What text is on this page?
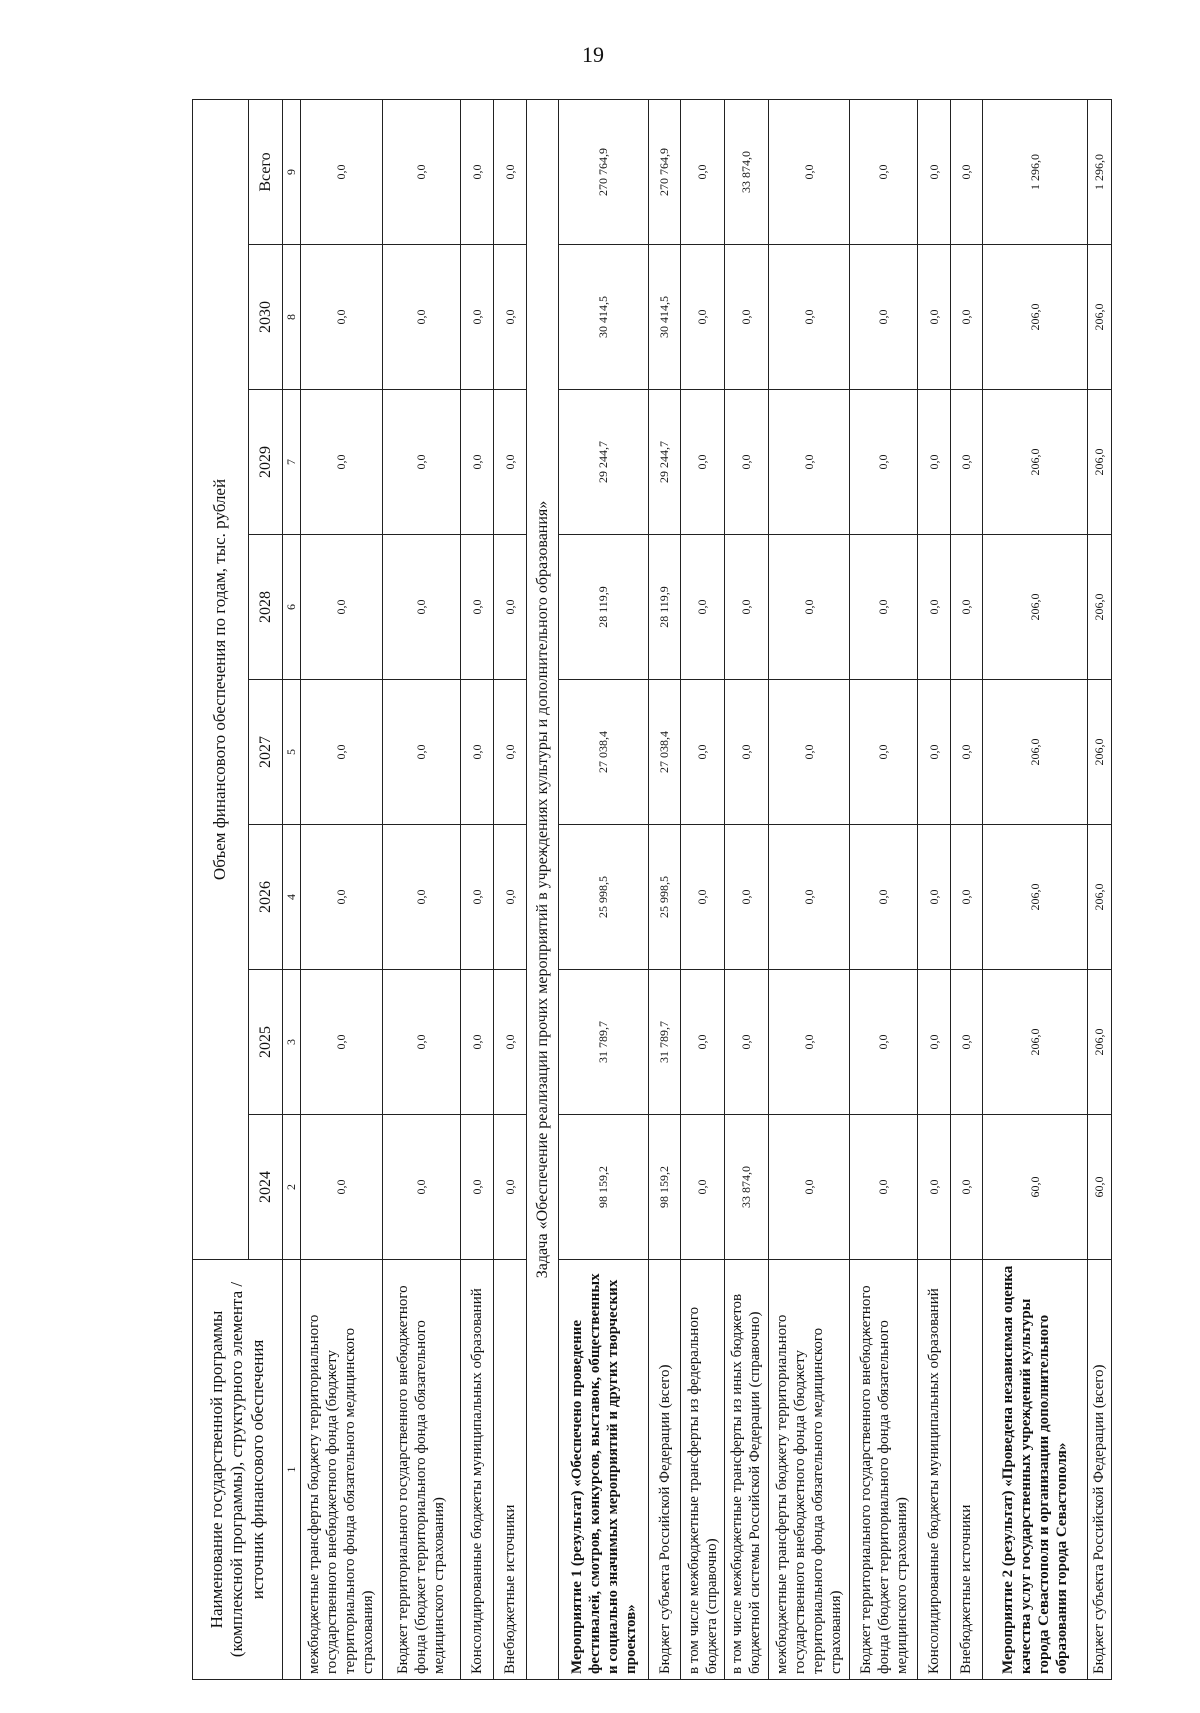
19
Наименование государственной программы (комплексной программы), структурного элемента / источник финансового обеспечения	Объем финансового обеспечения по годам, тыс. рублей							
	2024	2025	2026	2027	2028	2029	2030	Всего
1	2	3	4	5	6	7	8	9
межбюджетные трансферты бюджету территориального государственного внебюджетного фонда (бюджету территориального фонда обязательного медицинского страхования)	0,0	0,0	0,0	0,0	0,0	0,0	0,0	0,0
Бюджет территориального государственного внебюджетного фонда (бюджет территориального фонда обязательного медицинского страхования)	0,0	0,0	0,0	0,0	0,0	0,0	0,0	0,0
Консолидированные бюджеты муниципальных образований	0,0	0,0	0,0	0,0	0,0	0,0	0,0	0,0
Внебюджетные источники	0,0	0,0	0,0	0,0	0,0	0,0	0,0	0,0
Задача «Обеспечение реализации прочих мероприятий в учреждениях культуры и дополнительного образования»								
Мероприятие 1 (результат) «Обеспечено проведение фестивалей, смотров, конкурсов, выставок, общественных и социально значимых мероприятий и других творческих проектов»	98 159,2	31 789,7	25 998,5	27 038,4	28 119,9	29 244,7	30 414,5	270 764,9
Бюджет субъекта Российской Федерации (всего)	98 159,2	31 789,7	25 998,5	27 038,4	28 119,9	29 244,7	30 414,5	270 764,9
в том числе межбюджетные трансферты из федерального бюджета (справочно)	0,0	0,0	0,0	0,0	0,0	0,0	0,0	0,0
в том числе межбюджетные трансферты из иных бюджетов бюджетной системы Российской Федерации (справочно)	33 874,0	0,0	0,0	0,0	0,0	0,0	0,0	33 874,0
межбюджетные трансферты бюджету территориального государственного внебюджетного фонда (бюджету территориального фонда обязательного медицинского страхования)	0,0	0,0	0,0	0,0	0,0	0,0	0,0	0,0
Бюджет территориального государственного внебюджетного фонда (бюджет территориального фонда обязательного медицинского страхования)	0,0	0,0	0,0	0,0	0,0	0,0	0,0	0,0
Консолидированные бюджеты муниципальных образований	0,0	0,0	0,0	0,0	0,0	0,0	0,0	0,0
Внебюджетные источники	0,0	0,0	0,0	0,0	0,0	0,0	0,0	0,0
Мероприятие 2 (результат) «Проведена независимая оценка качества услуг государственных учреждений культуры города Севастополя и организации дополнительного образования города Севастополя»	60,0	206,0	206,0	206,0	206,0	206,0	206,0	1 296,0
Бюджет субъекта Российской Федерации (всего)	60,0	206,0	206,0	206,0	206,0	206,0	206,0	1 296,0
